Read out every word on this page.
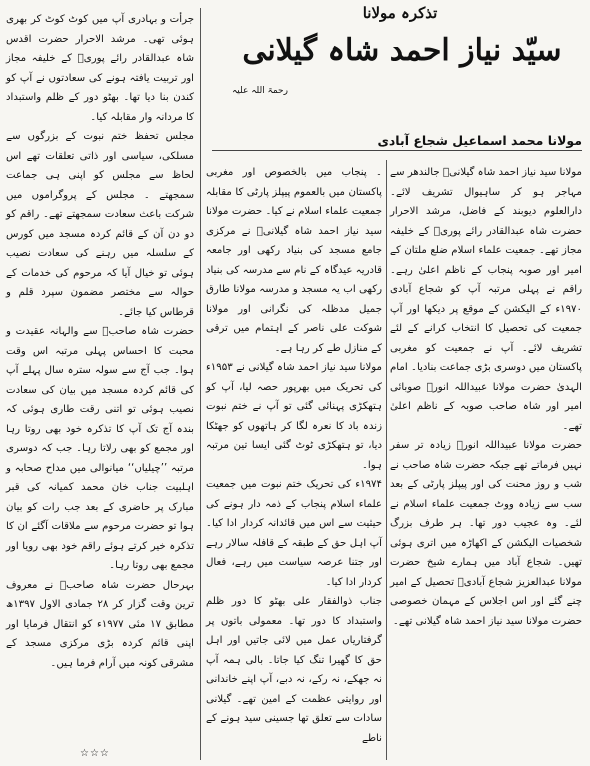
تذکرہ مولانا
سیّد نیاز احمد شاہ گیلانی
رحمۃ اللہ علیہ
مولانا محمد اسماعیل شجاع آبادی

جرأت و بہادری آپ میں کوٹ کوٹ کر بھری ہوئی تھی۔ مرشد الاحرار حضرت اقدس شاہ عبدالقادر رائے پوریؒ کے خلیفہ مجاز اور تربیت یافتہ ہونے کی سعادتوں نے آپ کو کندن بنا دیا تھا۔ بھٹو دور کے ظلم واستبداد کا مردانہ وار مقابلہ کیا۔

مجلس تحفظ ختم نبوت کے بزرگوں سے مسلکی، سیاسی اور ذاتی تعلقات تھے اس لحاظ سے مجلس کو اپنی ہی جماعت سمجھتے ۔ مجلس کے پروگراموں میں شرکت باعث سعادت سمجھتے تھے۔ راقم کو دو دن آن کے قائم کردہ مسجد میں کورس کے سلسلہ میں رہنے کی سعادت نصیب ہوئی تو خیال آیا کہ مرحوم کی خدمات کے حوالہ سے مختصر مضمون سپرد قلم و قرطاس کیا جائے۔

حضرت شاہ صاحبؒ سے والہانہ عقیدت و محبت کا احساس پہلی مرتبہ اس وقت ہوا۔ جب آج سے سولہ سترہ سال پہلے آپ کی قائم کردہ مسجد میں بیان کی سعادت نصیب ہوئی تو اتنی رقت طاری ہوئی کہ بندہ آج تک آپ کا تذکرہ خود بھی روتا رہا اور مجمع کو بھی رلاتا رہا۔ جب کہ دوسری مرتبہ ’’چیلیاں‘‘ میانوالی میں مداح صحابہ و اہلبیت جناب خان محمد کمیانہ کی قبر مبارک پر حاضری کے بعد جب رات کو بیان ہوا تو حضرت مرحوم سے ملاقات آگئے ان کا تذکرہ خیر کرتے ہوئے راقم خود بھی رویا اور مجمع بھی روتا رہا۔

بہرحال حضرت شاہ صاحبؒ نے معروف ترین وقت گزار کر ۲۸ جمادی الاول ۱۳۹۷ھ مطابق ۱۷ مئی ۱۹۷۷ء کو انتقال فرمایا اور اپنی قائم کردہ بڑی مرکزی مسجد کے مشرقی کونہ میں آرام فرما ہیں۔

۔ پنجاب میں بالخصوص اور مغربی پاکستان میں بالعموم پیپلز پارٹی کا مقابلہ جمعیت علماء اسلام نے کیا۔ حضرت مولانا سید نیاز احمد شاہ گیلانیؒ نے مرکزی جامع مسجد کی بنیاد رکھی اور جامعہ قادریہ عیدگاہ کے نام سے مدرسہ کی بنیاد رکھی اب یہ مسجد و مدرسہ مولانا طارق جمیل مدظلہ کی نگرانی اور مولانا شوکت علی ناصر کے اہتمام میں ترقی کے منازل طے کر رہا ہے۔

مولانا سید نیاز احمد شاہ گیلانی نے ۱۹۵۳ء کی تحریک میں بھرپور حصہ لیا، آپ کو ہتھکڑی پہنائی گئی تو آپ نے ختم نبوت زندہ باد کا نعرہ لگا کر ہاتھوں کو جھٹکا دیا، تو ہتھکڑی ٹوٹ گئی ایسا تین مرتبہ ہوا۔

۱۹۷۴ء کی تحریک ختم نبوت میں جمعیت علماء اسلام پنجاب کے ذمہ دار ہونے کی حیثیت سے اس میں قائدانہ کردار ادا کیا۔ آپ اہل حق کے طبقہ کے قافلہ سالار رہے اور جتنا عرصہ سیاست میں رہے، فعال کردار ادا کیا۔

جناب ذوالفقار علی بھٹو کا دور ظلم واستبداد کا دور تھا۔ معمولی باتوں پر گرفتاریاں عمل میں لائی جاتیں اور اہل حق کا گھیرا تنگ کیا جاتا۔ بالی ہمہ آپ نہ جھکے، نہ رکے، نہ دبے، آپ اپنے خاندانی اور روایتی عظمت کے امین تھے۔ گیلانی سادات سے تعلق تھا جسینی سید ہونے کے ناطے

مولانا سید نیاز احمد شاہ گیلانیؒ جالندھر سے مہاجر ہو کر ساہیوال تشریف لائے۔ دارالعلوم دیوبند کے فاضل، مرشد الاحرار حضرت شاہ عبدالقادر رائے پوریؒ کے خلیفہ مجاز تھے۔ جمعیت علماء اسلام ضلع ملتان کے امیر اور صوبہ پنجاب کے ناظم اعلیٰ رہے۔ راقم نے پہلی مرتبہ آپ کو شجاع آبادی ۱۹۷۰ء کے الیکشن کے موقع پر دیکھا اور آپ جمعیت کی تحصیل کا انتخاب کرانے کے لئے تشریف لائے۔ آپ نے جمعیت کو مغربی پاکستان میں دوسری بڑی جماعت بنادیا۔ امام الہدیٰ حضرت مولانا عبیداللہ انورؒ صوبائی امیر اور شاہ صاحب صوبہ کے ناظم اعلیٰ تھے۔

حضرت مولانا عبیداللہ انورؒ زیادہ تر سفر نہیں فرماتے تھے جبکہ حضرت شاہ صاحب نے شب و روز محنت کی اور پیپلز پارٹی کے بعد سب سے زیادہ ووٹ جمعیت علماء اسلام نے لئے۔ وہ عجیب دور تھا۔ ہر طرف بزرگ شخصیات الیکشن کے اکھاڑہ میں اتری ہوئی تھیں۔ شجاع آباد میں ہمارے شیخ حضرت مولانا عبدالعزیز شجاع آبادیؒ تحصیل کے امیر چنے گئے اور اس اجلاس کے مہمان خصوصی حضرت مولانا سید نیاز احمد شاہ گیلانی تھے۔

☆☆☆
